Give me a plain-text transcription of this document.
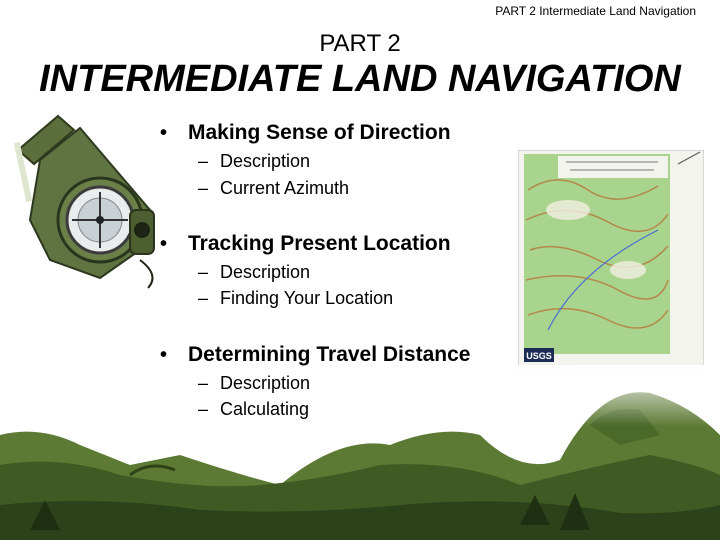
PART 2 Intermediate Land Navigation
PART 2
INTERMEDIATE LAND NAVIGATION
USGS
• Making Sense of Direction
– Description
– Current Azimuth
• Tracking Present Location
– Description
– Finding Your Location
• Determining Travel Distance
– Description
– Calculating
